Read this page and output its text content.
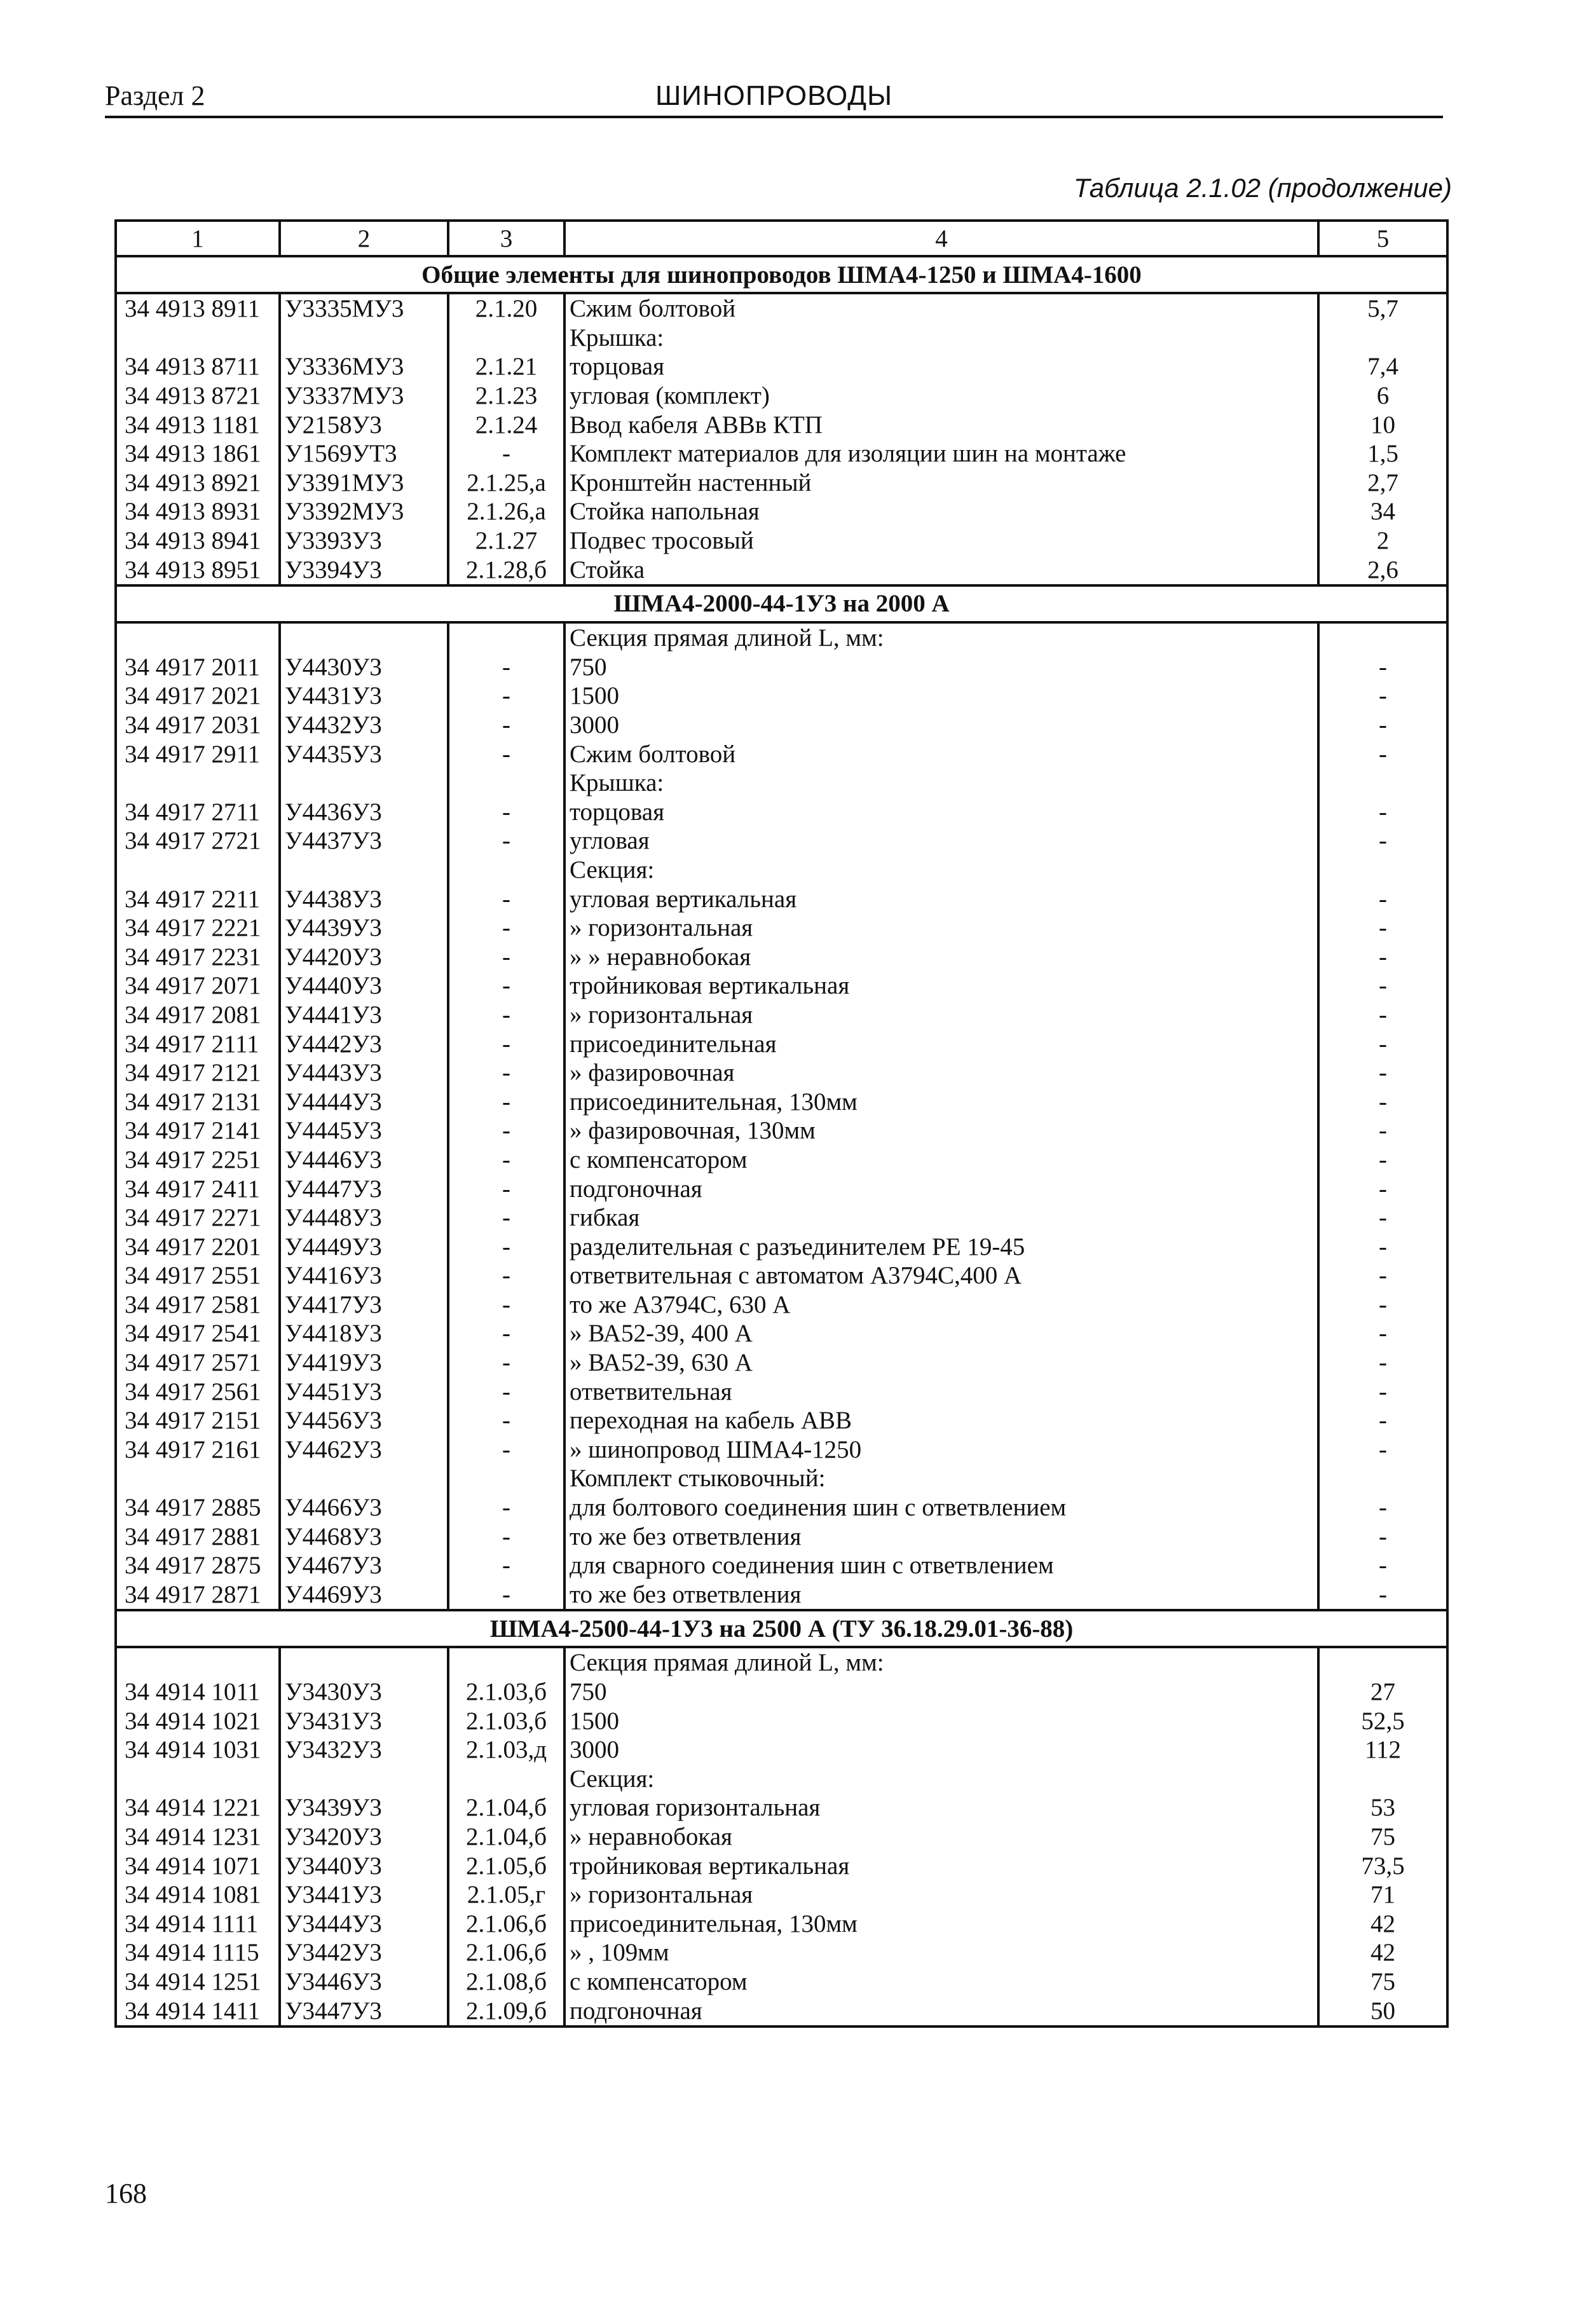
Раздел 2	ШИНОПРОВОДЫ
Таблица 2.1.02 (продолжение)
1	2	3	4	5
Общие элементы для шинопроводов ШМА4-1250 и ШМА4-1600				
34 4913 8911	У3335МУ3	2.1.20	Сжим болтовой	5,7
			Крышка:	
34 4913 8711	У3336МУ3	2.1.21	торцовая	7,4
34 4913 8721	У3337МУ3	2.1.23	угловая (комплект)	6
34 4913 1181	У2158У3	2.1.24	Ввод кабеля АВВв КТП	10
34 4913 1861	У1569УТ3	-	Комплект материалов для изоляции шин на монтаже	1,5
34 4913 8921	У3391МУ3	2.1.25,а	Кронштейн настенный	2,7
34 4913 8931	У3392МУ3	2.1.26,а	Стойка напольная	34
34 4913 8941	У3393У3	2.1.27	Подвес тросовый	2
34 4913 8951	У3394У3	2.1.28,б	Стойка	2,6
ШМА4-2000-44-1У3 на 2000 А				
			Секция прямая длиной L, мм:	
34 4917 2011	У4430У3	-	750	-
34 4917 2021	У4431У3	-	1500	-
34 4917 2031	У4432У3	-	3000	-
34 4917 2911	У4435У3	-	Сжим болтовой	-
			Крышка:	
34 4917 2711	У4436У3	-	торцовая	-
34 4917 2721	У4437У3	-	угловая	-
			Секция:	
34 4917 2211	У4438У3	-	угловая вертикальная	-
34 4917 2221	У4439У3	-	» горизонтальная	-
34 4917 2231	У4420У3	-	» » неравнобокая	-
34 4917 2071	У4440У3	-	тройниковая вертикальная	-
34 4917 2081	У4441У3	-	» горизонтальная	-
34 4917 2111	У4442У3	-	присоединительная	-
34 4917 2121	У4443У3	-	» фазировочная	-
34 4917 2131	У4444У3	-	присоединительная, 130мм	-
34 4917 2141	У4445У3	-	» фазировочная, 130мм	-
34 4917 2251	У4446У3	-	с компенсатором	-
34 4917 2411	У4447У3	-	подгоночная	-
34 4917 2271	У4448У3	-	гибкая	-
34 4917 2201	У4449У3	-	разделительная с разъединителем РЕ 19-45	-
34 4917 2551	У4416У3	-	ответвительная с автоматом А3794С,400 А	-
34 4917 2581	У4417У3	-	то же А3794С, 630 А	-
34 4917 2541	У4418У3	-	» ВА52-39, 400 А	-
34 4917 2571	У4419У3	-	» ВА52-39, 630 А	-
34 4917 2561	У4451У3	-	ответвительная	-
34 4917 2151	У4456У3	-	переходная на кабель АВВ	-
34 4917 2161	У4462У3	-	» шинопровод ШМА4-1250	-
			Комплект стыковочный:	
34 4917 2885	У4466У3	-	для болтового соединения шин с ответвлением	-
34 4917 2881	У4468У3	-	то же без ответвления	-
34 4917 2875	У4467У3	-	для сварного соединения шин с ответвлением	-
34 4917 2871	У4469У3	-	то же без ответвления	-
ШМА4-2500-44-1У3 на 2500 А (ТУ 36.18.29.01-36-88)				
			Секция прямая длиной L, мм:	
34 4914 1011	У3430У3	2.1.03,б	750	27
34 4914 1021	У3431У3	2.1.03,б	1500	52,5
34 4914 1031	У3432У3	2.1.03,д	3000	112
			Секция:	
34 4914 1221	У3439У3	2.1.04,б	угловая горизонтальная	53
34 4914 1231	У3420У3	2.1.04,б	» неравнобокая	75
34 4914 1071	У3440У3	2.1.05,б	тройниковая вертикальная	73,5
34 4914 1081	У3441У3	2.1.05,г	» горизонтальная	71
34 4914 1111	У3444У3	2.1.06,б	присоединительная, 130мм	42
34 4914 1115	У3442У3	2.1.06,б	» , 109мм	42
34 4914 1251	У3446У3	2.1.08,б	с компенсатором	75
34 4914 1411	У3447У3	2.1.09,б	подгоночная	50
168
